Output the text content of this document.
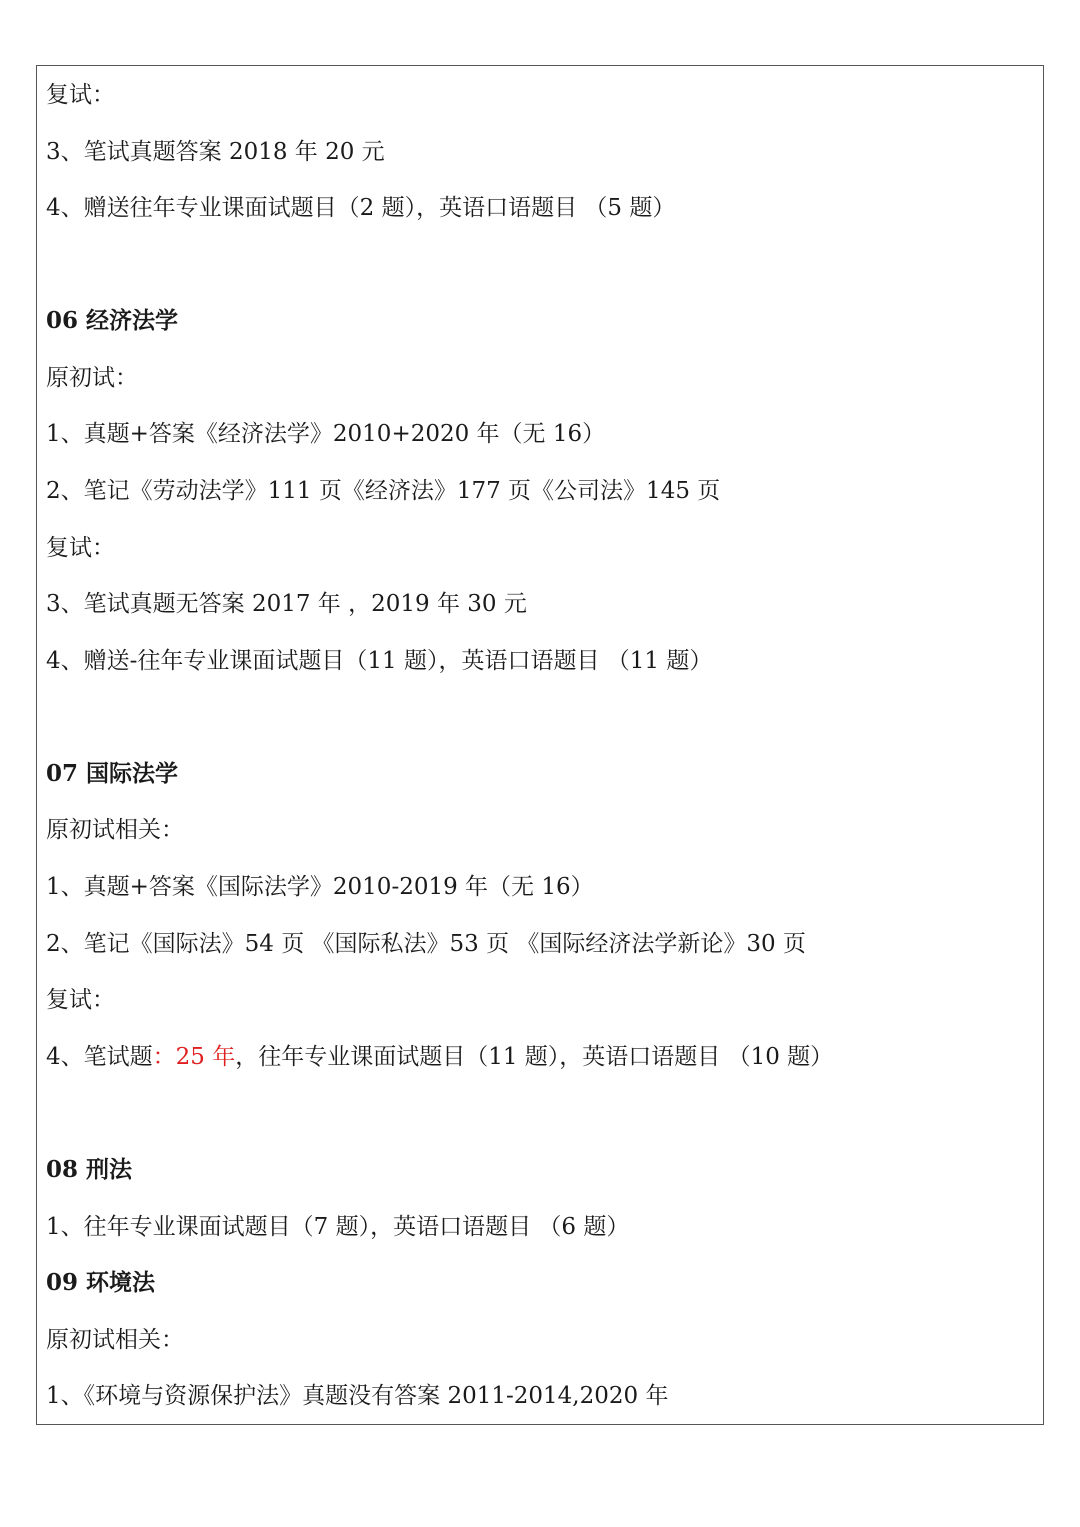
复试：
3、笔试真题答案 2018 年 20 元
4、赠送往年专业课面试题目（2 题），英语口语题目 （5 题）
06 经济法学
原初试：
1、真题+答案《经济法学》2010+2020 年（无 16）
2、笔记《劳动法学》111 页《经济法》177 页《公司法》145 页
复试：
3、笔试真题无答案 2017 年 ，2019 年 30 元
4、赠送-往年专业课面试题目（11 题），英语口语题目 （11 题）
07 国际法学
原初试相关：
1、真题+答案《国际法学》2010-2019 年（无 16）
2、笔记《国际法》54 页 《国际私法》53 页 《国际经济法学新论》30 页
复试：
4、笔试题：25 年，往年专业课面试题目（11 题），英语口语题目 （10 题）
08 刑法
1、往年专业课面试题目（7 题），英语口语题目 （6 题）
09 环境法
原初试相关：
1、《环境与资源保护法》真题没有答案 2011-2014,2020 年
